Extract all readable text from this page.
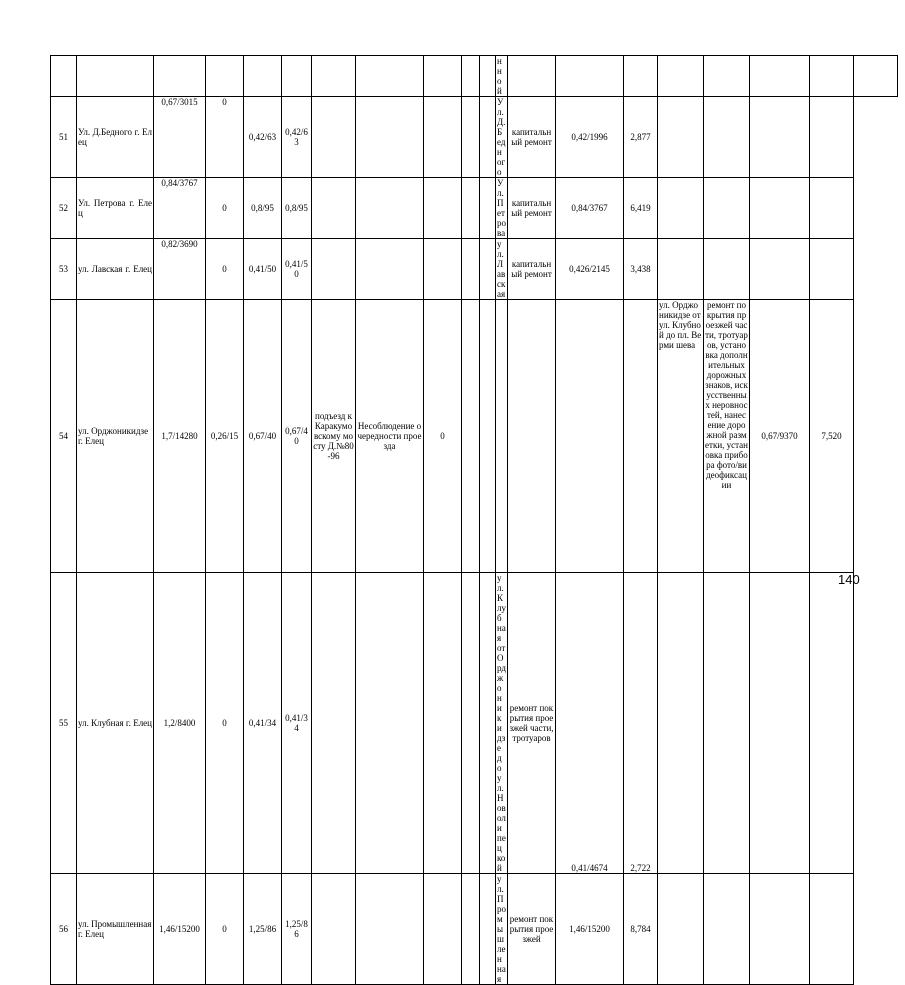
											нной								
51	Ул. Д.Бедного г. Елец	0,67/3015	0	0,42/63	0,42/63						Ул. Д.Бедного	капитальный ремонт	0,42/1996	2,877					
52	Ул. Петрова г. Елец	0,84/3767	0	0,8/95	0,8/95						Ул. Петрова	капитальный ремонт	0,84/3767	6,419					
53	ул. Лавская г. Елец	0,82/3690	0	0,41/50	0,41/50						ул. Лавская	капитальный ремонт	0,426/2145	3,438					
54	ул. Орджоникидзе г. Елец	1,7/14280	0,26/15	0,67/40	0,67/40	подъезд к Каракумовскому мосту Д.№80-96	Несоблюдение очередности проезда	0							ул. Орджоникидзе от ул. Клубной до пл. Верми шева	ремонт покрытия проезжей части, тротуаров, установка дополнительных дорожных знаков, искусственных неровностей, нанесение дорожной разметки, установка прибора фото/видеофиксации	0,67/9370	7,520	
55	ул. Клубная г. Елец	1,2/8400	0	0,41/34	0,41/34						ул. Клубная от Орджоникидзе до ул. Новолипецкой	ремонт покрытия проезжей части, тротуаров	0,41/4674	2,722					
56	ул. Промышленная г. Елец	1,46/15200	0	1,25/86	1,25/86						ул. Промышленная	ремонт покрытия проезжей	1,46/15200	8,784					
140
